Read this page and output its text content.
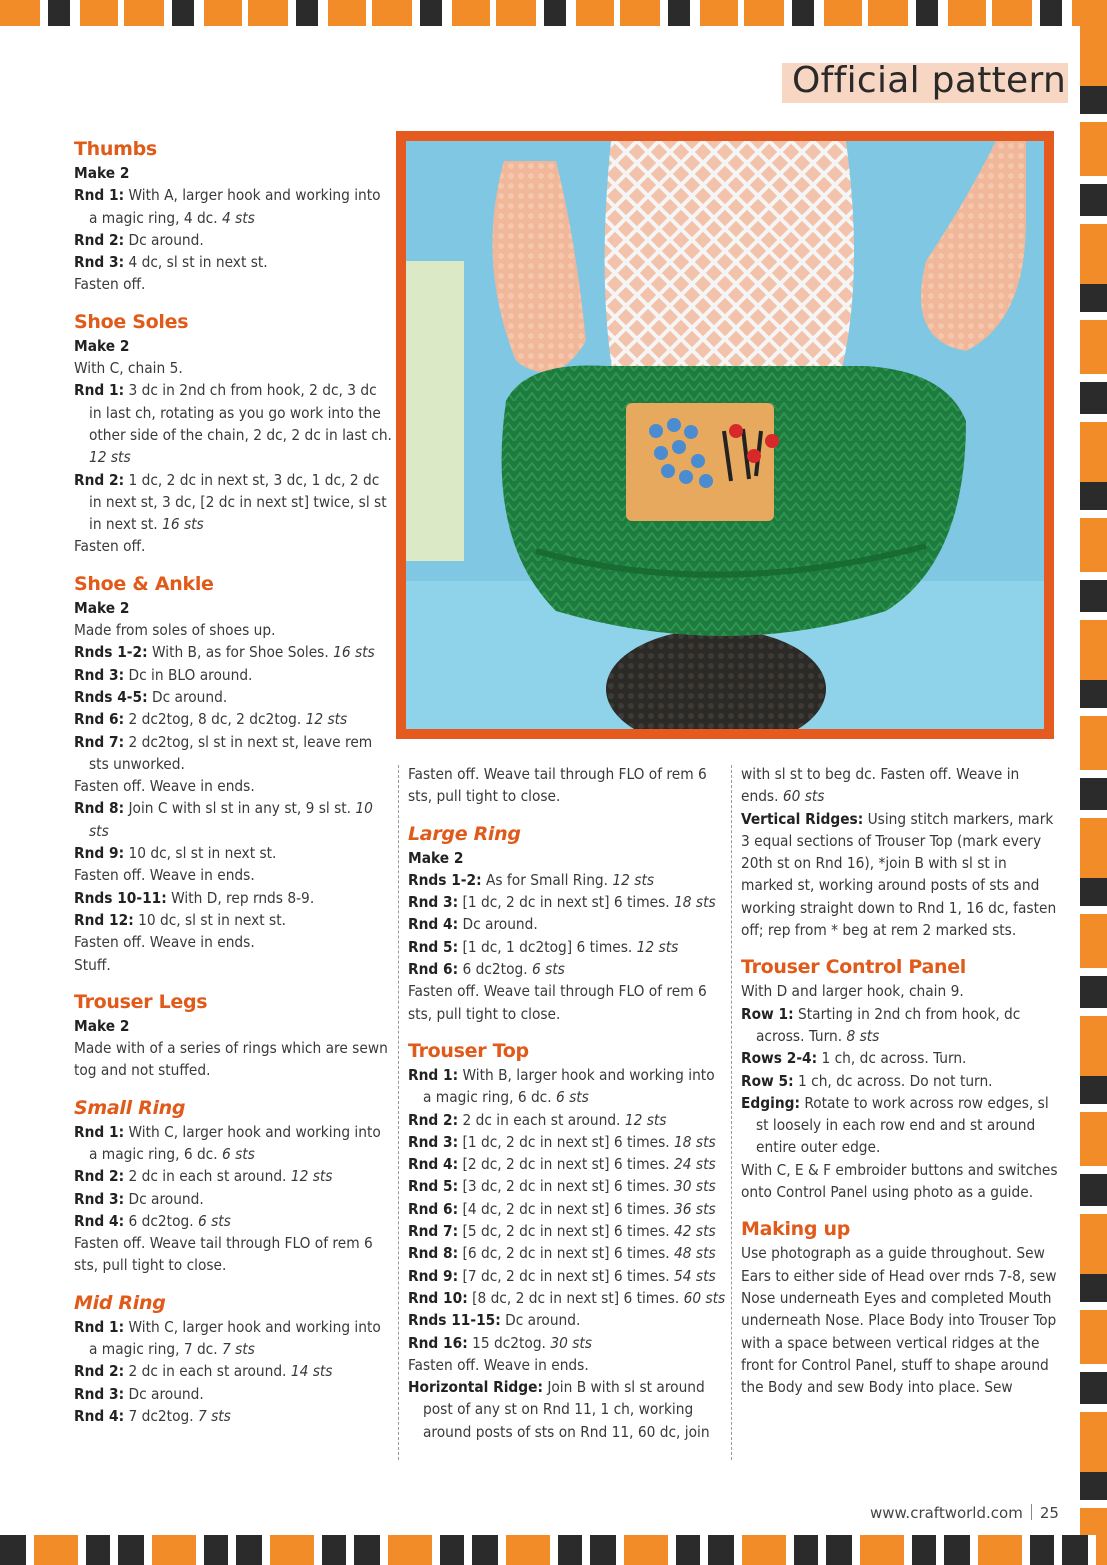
Official pattern
Thumbs
Make 2

Rnd 1: With A, larger hook and working into a magic ring, 4 dc. 4 sts

Rnd 2: Dc around.

Rnd 3: 4 dc, sl st in next st.

Fasten off.

Shoe Soles
Make 2

With C, chain 5.

Rnd 1: 3 dc in 2nd ch from hook, 2 dc, 3 dc in last ch, rotating as you go work into the other side of the chain, 2 dc, 2 dc in last ch. 12 sts

Rnd 2: 1 dc, 2 dc in next st, 3 dc, 1 dc, 2 dc in next st, 3 dc, [2 dc in next st] twice, sl st in next st. 16 sts

Fasten off.

Shoe & Ankle
Make 2

Made from soles of shoes up.

Rnds 1-2: With B, as for Shoe Soles. 16 sts

Rnd 3: Dc in BLO around.

Rnds 4-5: Dc around.

Rnd 6: 2 dc2tog, 8 dc, 2 dc2tog. 12 sts

Rnd 7: 2 dc2tog, sl st in next st, leave rem sts unworked.

Fasten off. Weave in ends.

Rnd 8: Join C with sl st in any st, 9 sl st. 10 sts

Rnd 9: 10 dc, sl st in next st.

Fasten off. Weave in ends.

Rnds 10-11: With D, rep rnds 8-9.

Rnd 12: 10 dc, sl st in next st.

Fasten off. Weave in ends.

Stuff.

Trouser Legs
Make 2

Made with of a series of rings which are sewn tog and not stuffed.

Small Ring

Rnd 1: With C, larger hook and working into a magic ring, 6 dc. 6 sts

Rnd 2: 2 dc in each st around. 12 sts

Rnd 3: Dc around.

Rnd 4: 6 dc2tog. 6 sts

Fasten off. Weave tail through FLO of rem 6 sts, pull tight to close.

Mid Ring

Rnd 1: With C, larger hook and working into a magic ring, 7 dc. 7 sts

Rnd 2: 2 dc in each st around. 14 sts

Rnd 3: Dc around.

Rnd 4: 7 dc2tog. 7 sts

Fasten off. Weave tail through FLO of rem 6 sts, pull tight to close.
Large Ring
Make 2

Rnds 1-2: As for Small Ring. 12 sts

Rnd 3: [1 dc, 2 dc in next st] 6 times. 18 sts

Rnd 4: Dc around.

Rnd 5: [1 dc, 1 dc2tog] 6 times. 12 sts

Rnd 6: 6 dc2tog. 6 sts

Fasten off. Weave tail through FLO of rem 6 sts, pull tight to close.

Trouser Top

Rnd 1: With B, larger hook and working into a magic ring, 6 dc. 6 sts

Rnd 2: 2 dc in each st around. 12 sts

Rnd 3: [1 dc, 2 dc in next st] 6 times. 18 sts

Rnd 4: [2 dc, 2 dc in next st] 6 times. 24 sts

Rnd 5: [3 dc, 2 dc in next st] 6 times. 30 sts

Rnd 6: [4 dc, 2 dc in next st] 6 times. 36 sts

Rnd 7: [5 dc, 2 dc in next st] 6 times. 42 sts

Rnd 8: [6 dc, 2 dc in next st] 6 times. 48 sts

Rnd 9: [7 dc, 2 dc in next st] 6 times. 54 sts

Rnd 10: [8 dc, 2 dc in next st] 6 times. 60 sts

Rnds 11-15: Dc around.

Rnd 16: 15 dc2tog. 30 sts

Fasten off. Weave in ends.

Horizontal Ridge: Join B with sl st around post of any st on Rnd 11, 1 ch, working around posts of sts on Rnd 11, 60 dc, join

with sl st to beg dc. Fasten off. Weave in ends. 60 sts
Vertical Ridges: Using stitch markers, mark 3 equal sections of Trouser Top (mark every 20th st on Rnd 16), *join B with sl st in marked st, working around posts of sts and working straight down to Rnd 1, 16 dc, fasten off; rep from * beg at rem 2 marked sts.
Trouser Control Panel

With D and larger hook, chain 9.

Row 1: Starting in 2nd ch from hook, dc across. Turn. 8 sts

Rows 2-4: 1 ch, dc across. Turn.

Row 5: 1 ch, dc across. Do not turn.

Edging: Rotate to work across row edges, sl st loosely in each row end and st around entire outer edge.

With C, E & F embroider buttons and switches onto Control Panel using photo as a guide.

Making up
Use photograph as a guide throughout. Sew Ears to either side of Head over rnds 7-8, sew Nose underneath Eyes and completed Mouth underneath Nose. Place Body into Trouser Top with a space between vertical ridges at the front for Control Panel, stuff to shape around the Body and sew Body into place. Sew
www.craftworld.com 25
